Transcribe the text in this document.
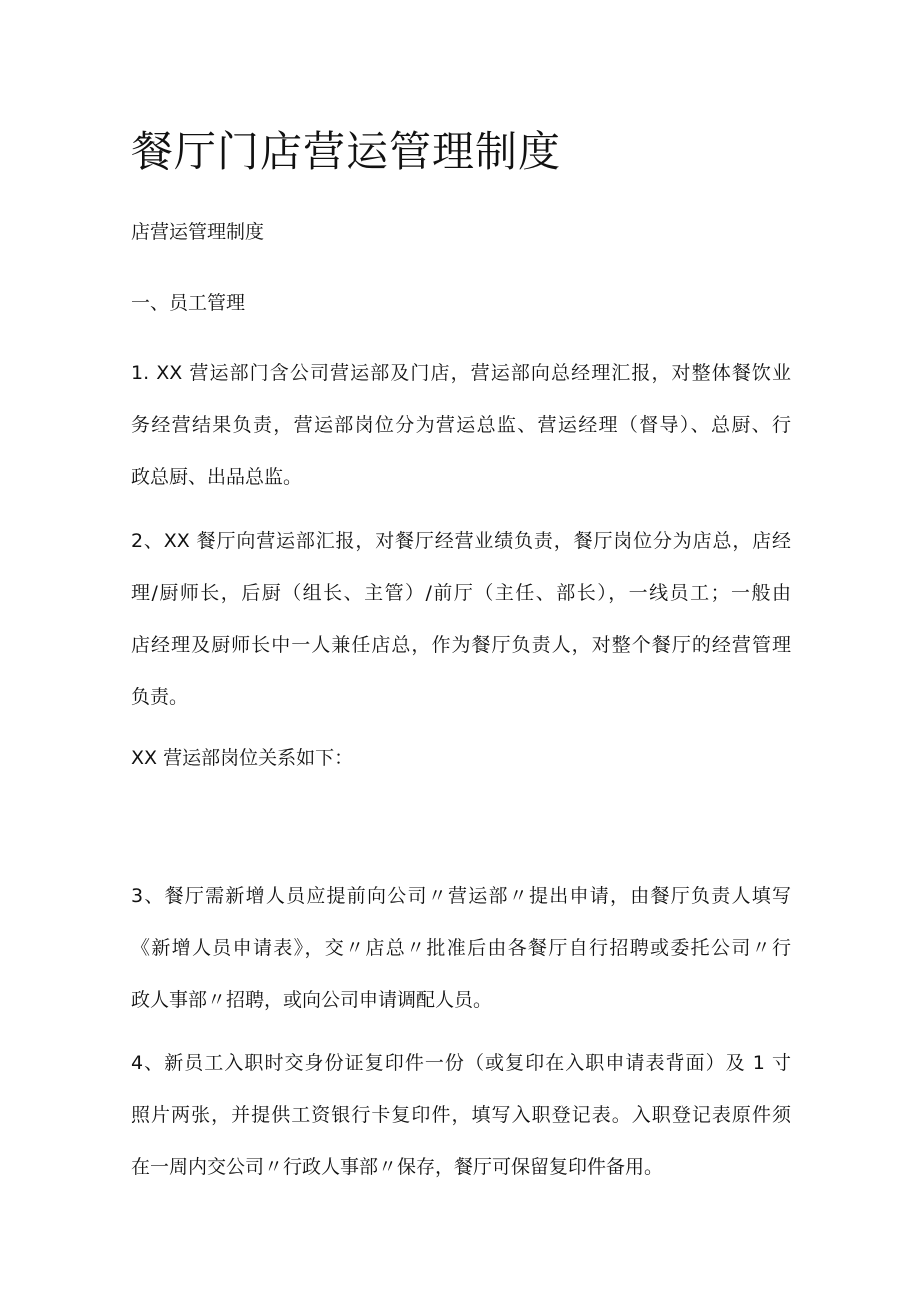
餐厅门店营运管理制度

店营运管理制度

一、员工管理

1. XX 营运部门含公司营运部及门店，营运部向总经理汇报，对整体餐饮业
务经营结果负责，营运部岗位分为营运总监、营运经理（督导）、总厨、行
政总厨、出品总监。
2、XX 餐厅向营运部汇报，对餐厅经营业绩负责，餐厅岗位分为店总，店经
理/厨师长，后厨（组长、主管）/前厅（主任、部长），一线员工；一般由
店经理及厨师长中一人兼任店总，作为餐厅负责人，对整个餐厅的经营管理
负责。
XX 营运部岗位关系如下：
3、餐厅需新增人员应提前向公司〃营运部〃提出申请，由餐厅负责人填写
《新增人员申请表》，交〃店总〃批准后由各餐厅自行招聘或委托公司〃行
政人事部〃招聘，或向公司申请调配人员。
4、新员工入职时交身份证复印件一份（或复印在入职申请表背面）及 1 寸
照片两张，并提供工资银行卡复印件，填写入职登记表。入职登记表原件须
在一周内交公司〃行政人事部〃保存，餐厅可保留复印件备用。
